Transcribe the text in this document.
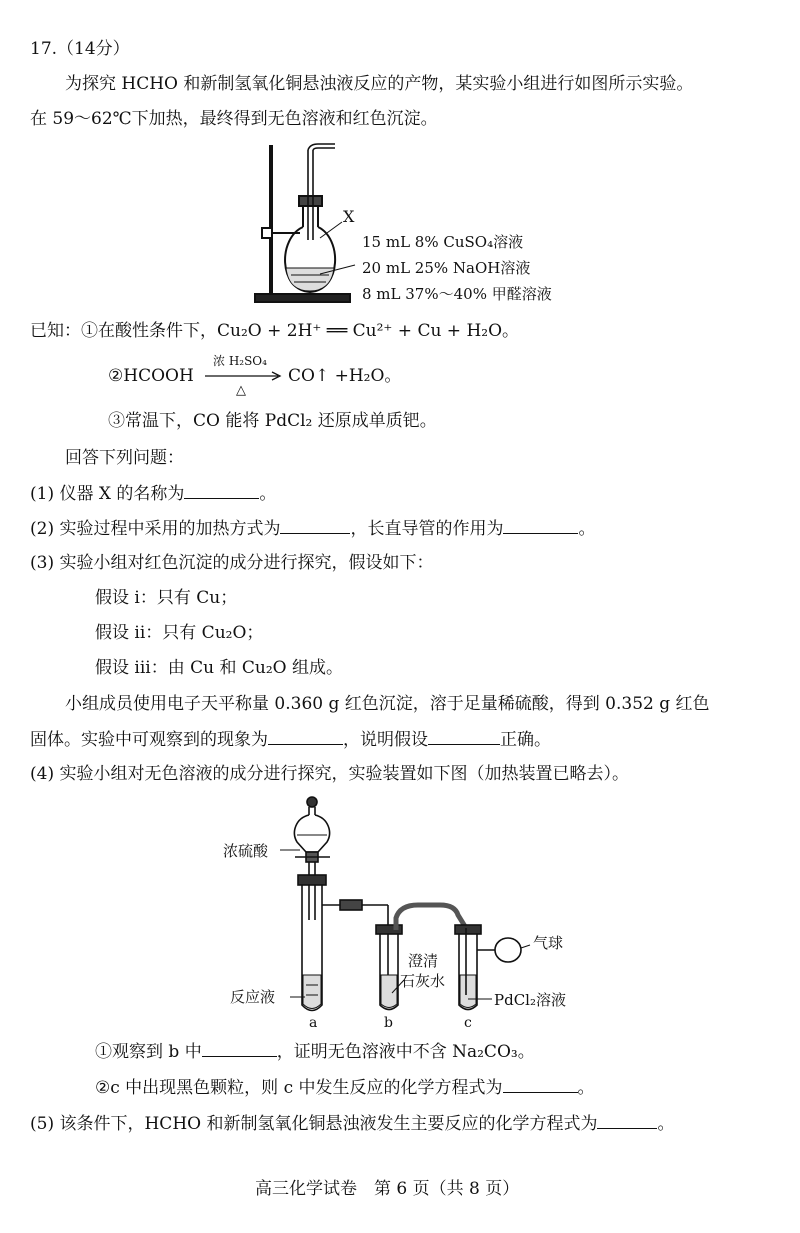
17.（14分）
为探究 HCHO 和新制氢氧化铜悬浊液反应的产物，某实验小组进行如图所示实验。
在 59～62℃下加热，最终得到无色溶液和红色沉淀。
X
15 mL 8% CuSO₄溶液
20 mL 25% NaOH溶液
8 mL 37%～40% 甲醛溶液
已知：①在酸性条件下，Cu₂O + 2H⁺ ══ Cu²⁺ + Cu + H₂O。
②HCOOH
浓 H₂SO₄
△
CO↑ +H₂O。
③常温下，CO 能将 PdCl₂ 还原成单质钯。
回答下列问题：
(1) 仪器 X 的名称为	。
(2) 实验过程中采用的加热方式为	，长直导管的作用为	。
(3) 实验小组对红色沉淀的成分进行探究，假设如下：
假设 i：只有 Cu；
假设 ii：只有 Cu₂O；
假设 iii：由 Cu 和 Cu₂O 组成。
小组成员使用电子天平称量 0.360 g 红色沉淀，溶于足量稀硫酸，得到 0.352 g 红色
固体。实验中可观察到的现象为	，说明假设	正确。
(4) 实验小组对无色溶液的成分进行探究，实验装置如下图（加热装置已略去）。
浓硫酸
反应液
澄清
石灰水
PdCl₂溶液
气球
a	b	c
①观察到 b 中	，证明无色溶液中不含 Na₂CO₃。
②c 中出现黑色颗粒，则 c 中发生反应的化学方程式为	。
(5) 该条件下，HCHO 和新制氢氧化铜悬浊液发生主要反应的化学方程式为	。
高三化学试卷　第 6 页（共 8 页）
